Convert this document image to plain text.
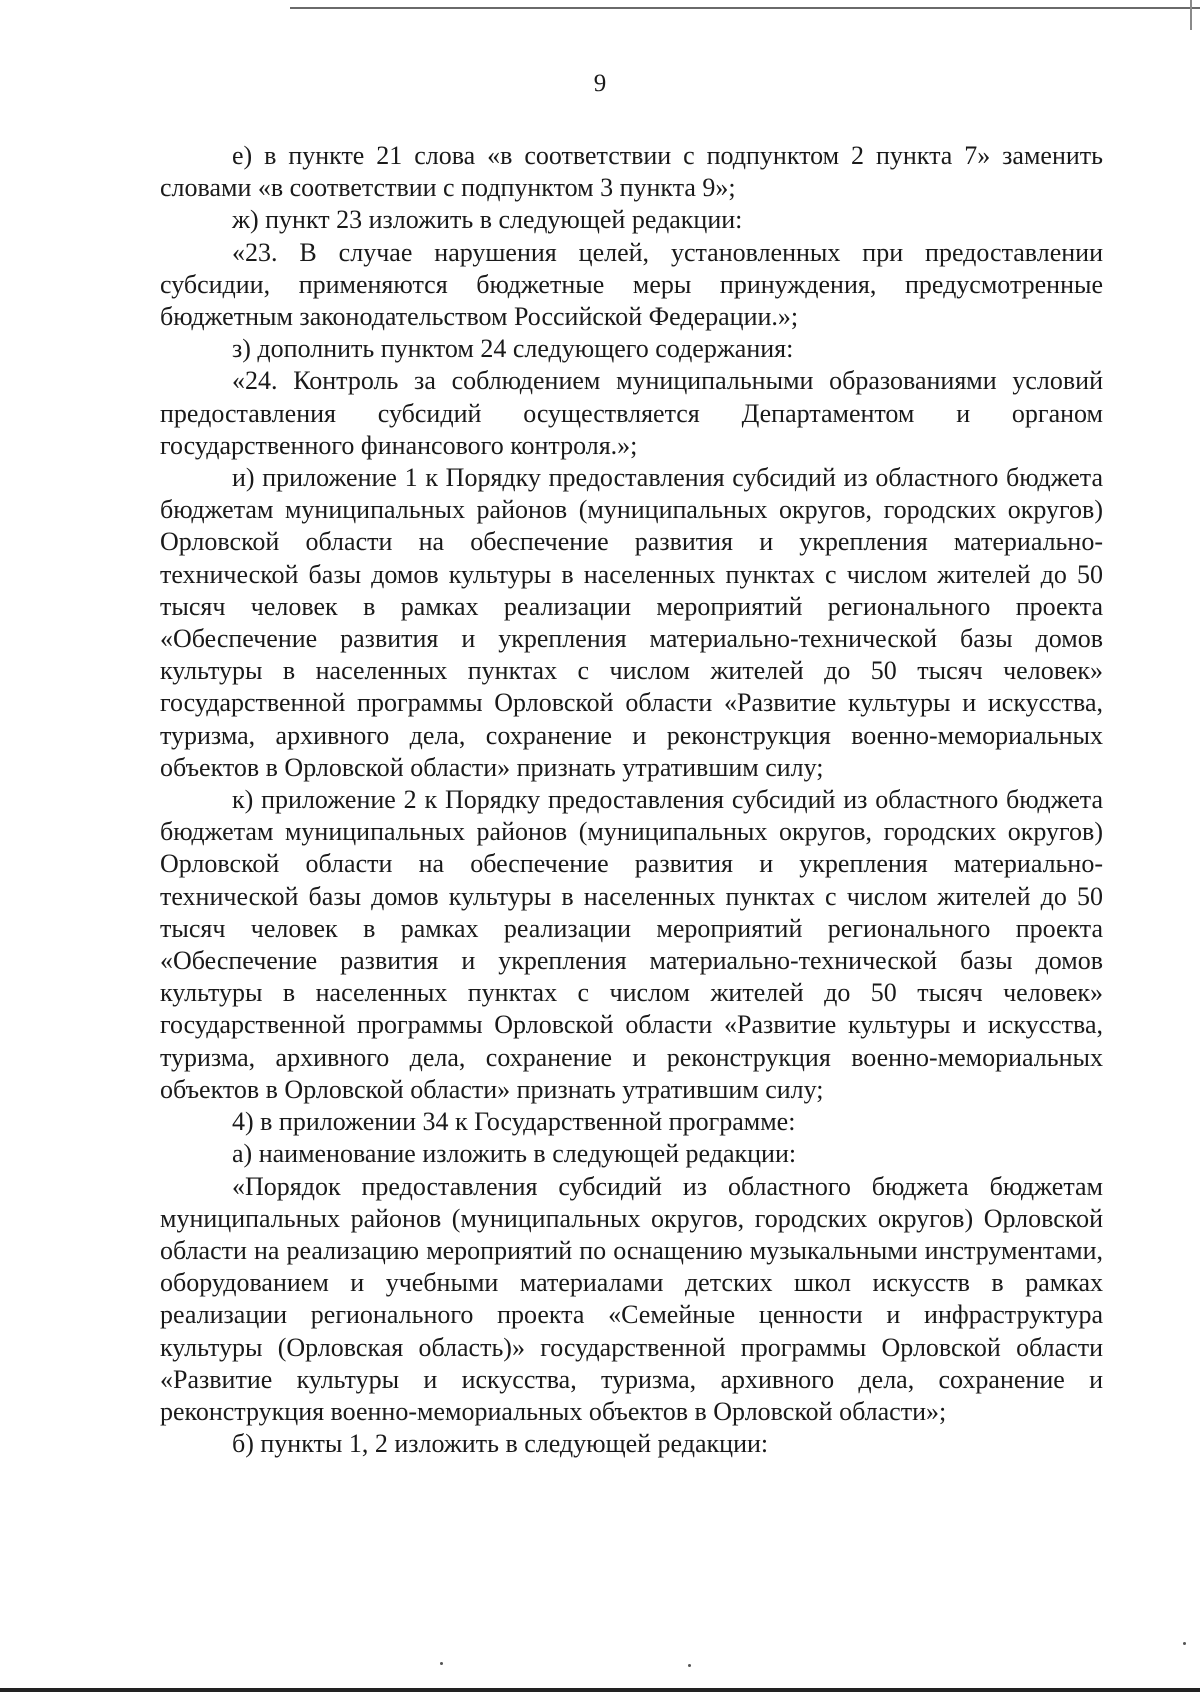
9

е) в пункте 21 слова «в соответствии с подпунктом 2 пункта 7» заменить словами «в соответствии с подпунктом 3 пункта 9»;

ж) пункт 23 изложить в следующей редакции:

«23. В случае нарушения целей, установленных при предоставлении субсидии, применяются бюджетные меры принуждения, предусмотренные бюджетным законодательством Российской Федерации.»;

з) дополнить пунктом 24 следующего содержания:

«24. Контроль за соблюдением муниципальными образованиями условий предоставления субсидий осуществляется Департаментом и органом государственного финансового контроля.»;

и) приложение 1 к Порядку предоставления субсидий из областного бюджета бюджетам муниципальных районов (муниципальных округов, городских округов) Орловской области на обеспечение развития и укрепления материально-технической базы домов культуры в населенных пунктах с числом жителей до 50 тысяч человек в рамках реализации мероприятий регионального проекта «Обеспечение развития и укрепления материально-технической базы домов культуры в населенных пунктах с числом жителей до 50 тысяч человек» государственной программы Орловской области «Развитие культуры и искусства, туризма, архивного дела, сохранение и реконструкция военно-мемориальных объектов в Орловской области» признать утратившим силу;

к) приложение 2 к Порядку предоставления субсидий из областного бюджета бюджетам муниципальных районов (муниципальных округов, городских округов) Орловской области на обеспечение развития и укрепления материально-технической базы домов культуры в населенных пунктах с числом жителей до 50 тысяч человек в рамках реализации мероприятий регионального проекта «Обеспечение развития и укрепления материально-технической базы домов культуры в населенных пунктах с числом жителей до 50 тысяч человек» государственной программы Орловской области «Развитие культуры и искусства, туризма, архивного дела, сохранение и реконструкция военно-мемориальных объектов в Орловской области» признать утратившим силу;

4) в приложении 34 к Государственной программе:

а) наименование изложить в следующей редакции:

«Порядок предоставления субсидий из областного бюджета бюджетам муниципальных районов (муниципальных округов, городских округов) Орловской области на реализацию мероприятий по оснащению музыкальными инструментами, оборудованием и учебными материалами детских школ искусств в рамках реализации регионального проекта «Семейные ценности и инфраструктура культуры (Орловская область)» государственной программы Орловской области «Развитие культуры и искусства, туризма, архивного дела, сохранение и реконструкция военно-мемориальных объектов в Орловской области»;

б) пункты 1, 2 изложить в следующей редакции:
